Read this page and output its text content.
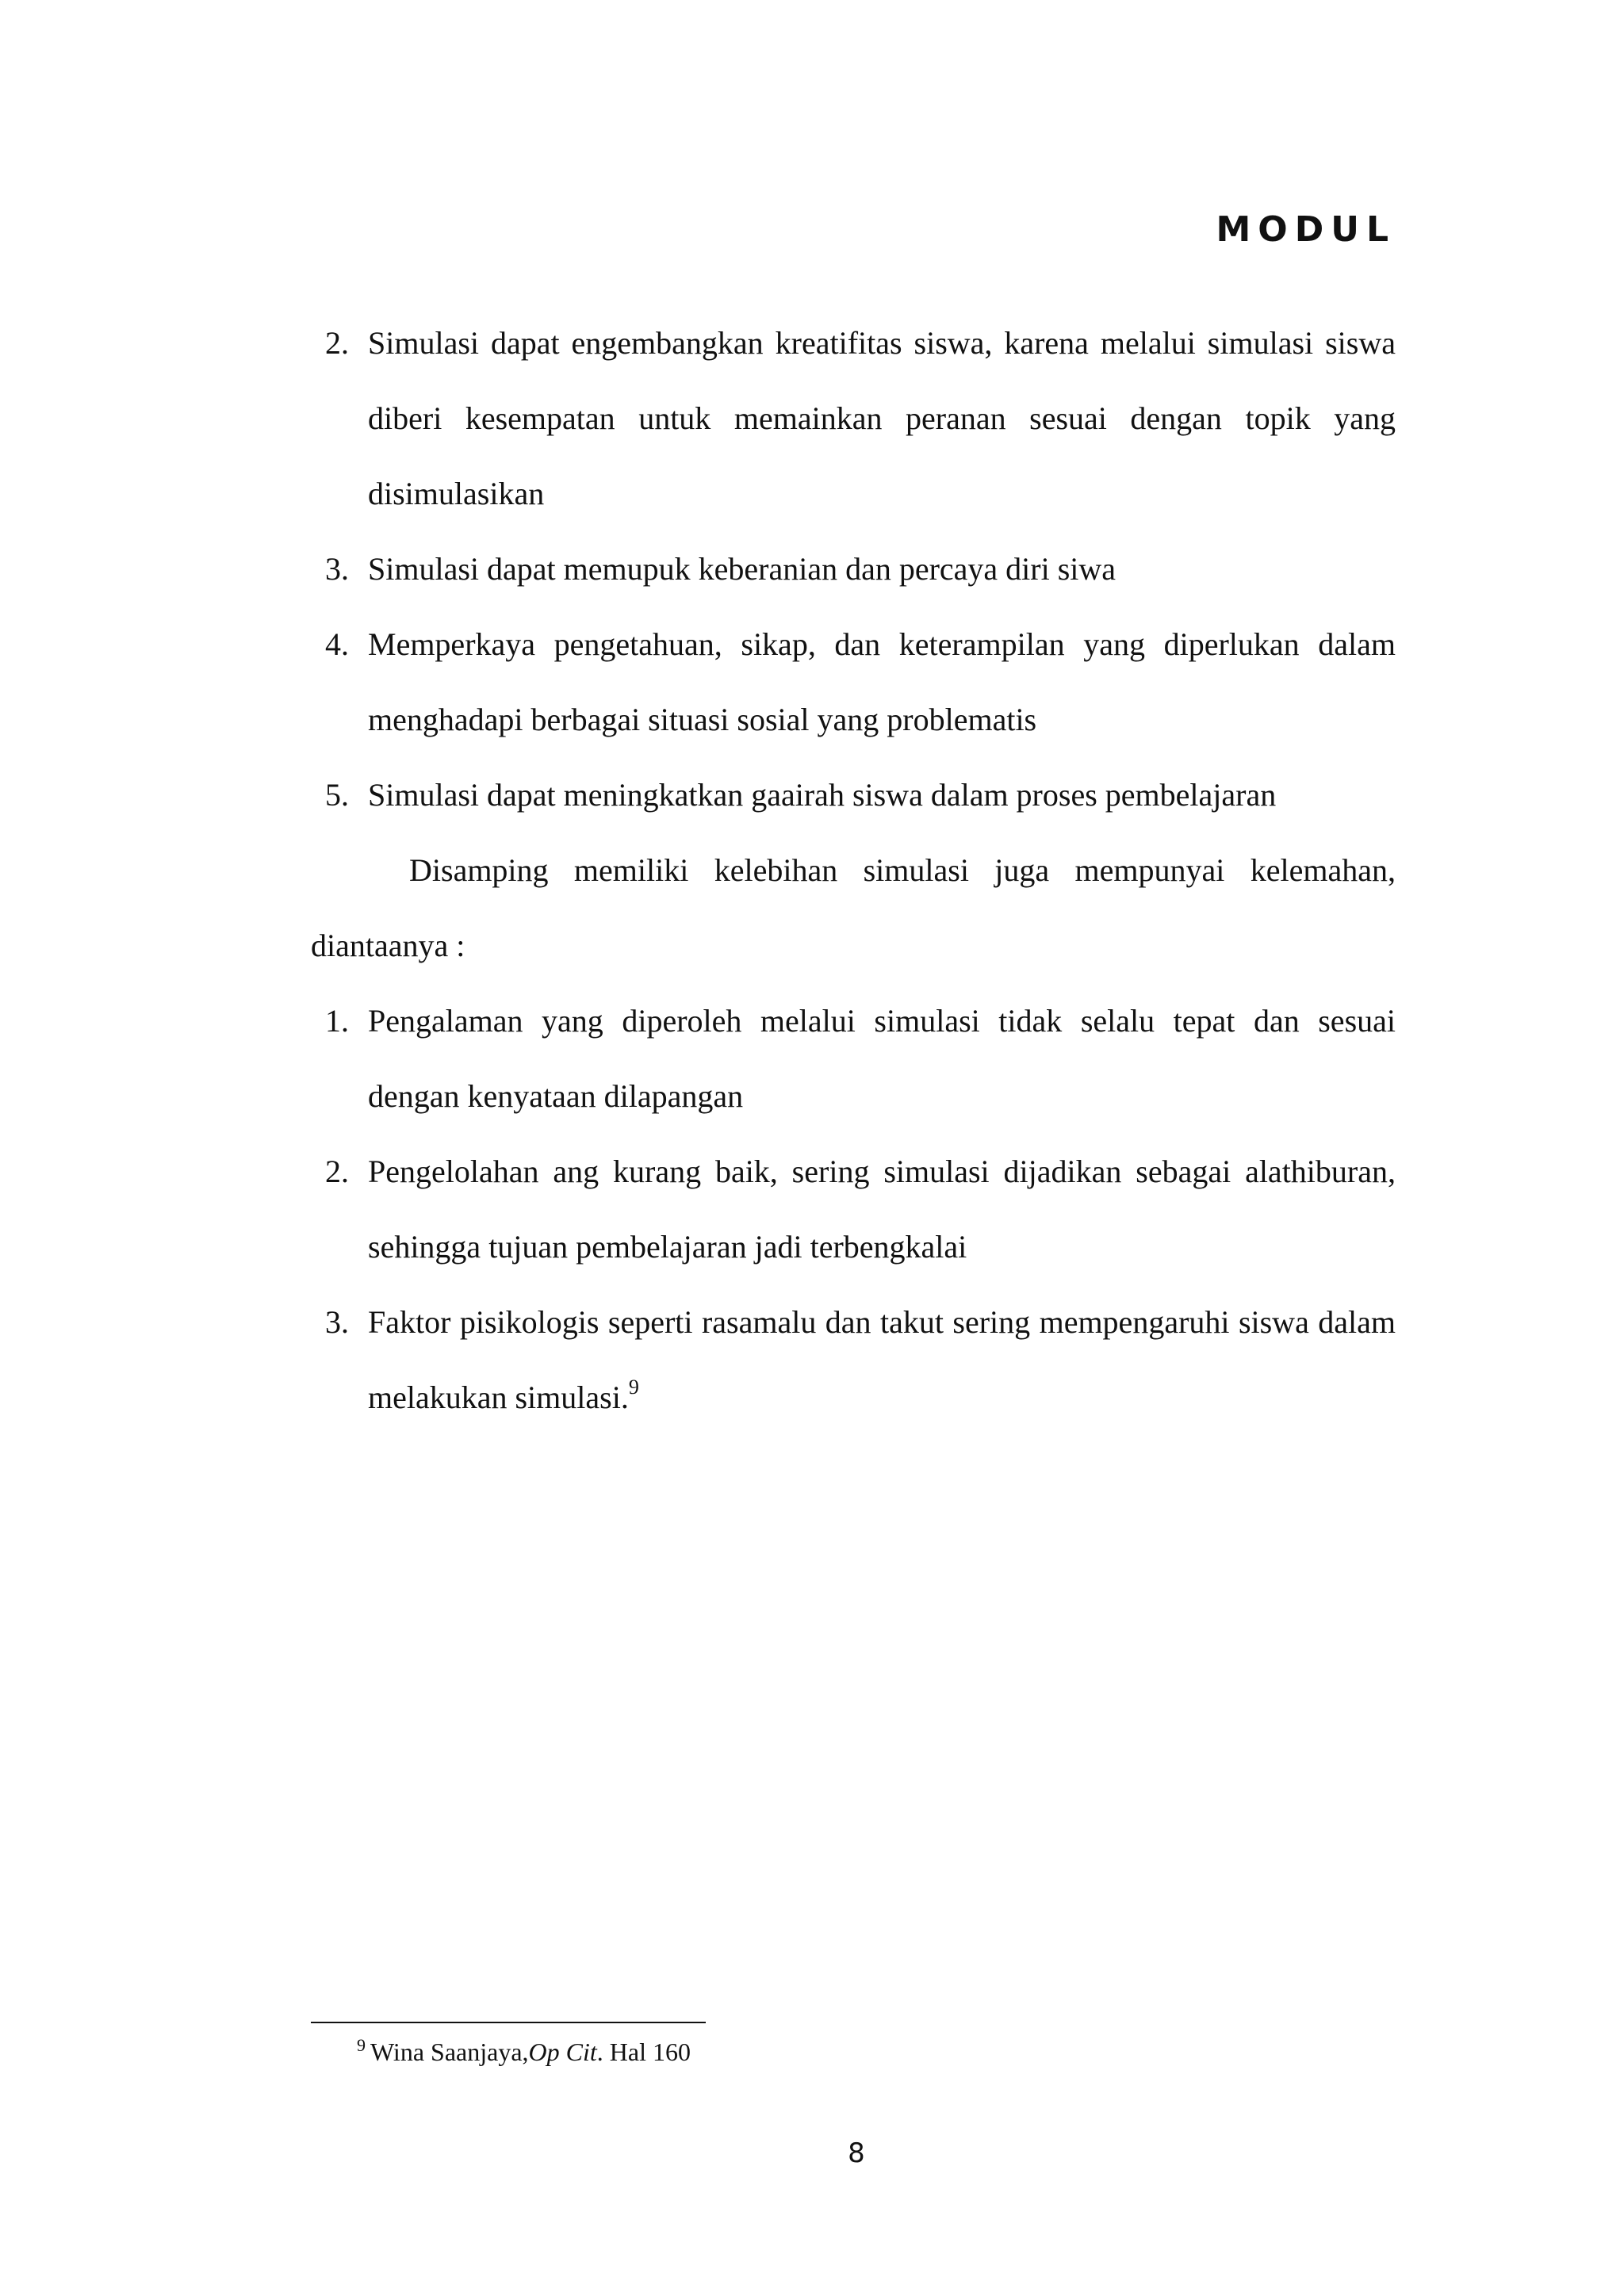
MODUL
2. Simulasi dapat engembangkan kreatifitas siswa, karena melalui simulasi siswa diberi kesempatan untuk memainkan peranan sesuai dengan topik yang disimulasikan
3. Simulasi dapat memupuk keberanian dan percaya diri siwa
4. Memperkaya pengetahuan, sikap, dan keterampilan yang diperlukan dalam menghadapi berbagai situasi sosial yang problematis
5. Simulasi dapat meningkatkan gaairah siswa dalam proses pembelajaran
Disamping memiliki kelebihan simulasi juga mempunyai kelemahan, diantaanya :
1. Pengalaman yang diperoleh melalui simulasi tidak selalu tepat dan sesuai dengan kenyataan dilapangan
2. Pengelolahan ang kurang baik, sering simulasi dijadikan sebagai alathiburan, sehingga tujuan pembelajaran jadi terbengkalai
3. Faktor pisikologis seperti rasamalu dan takut sering mempengaruhi siswa dalam melakukan simulasi.$^9$
$^9$ Wina Saanjaya,Op Cit. Hal 160
8
